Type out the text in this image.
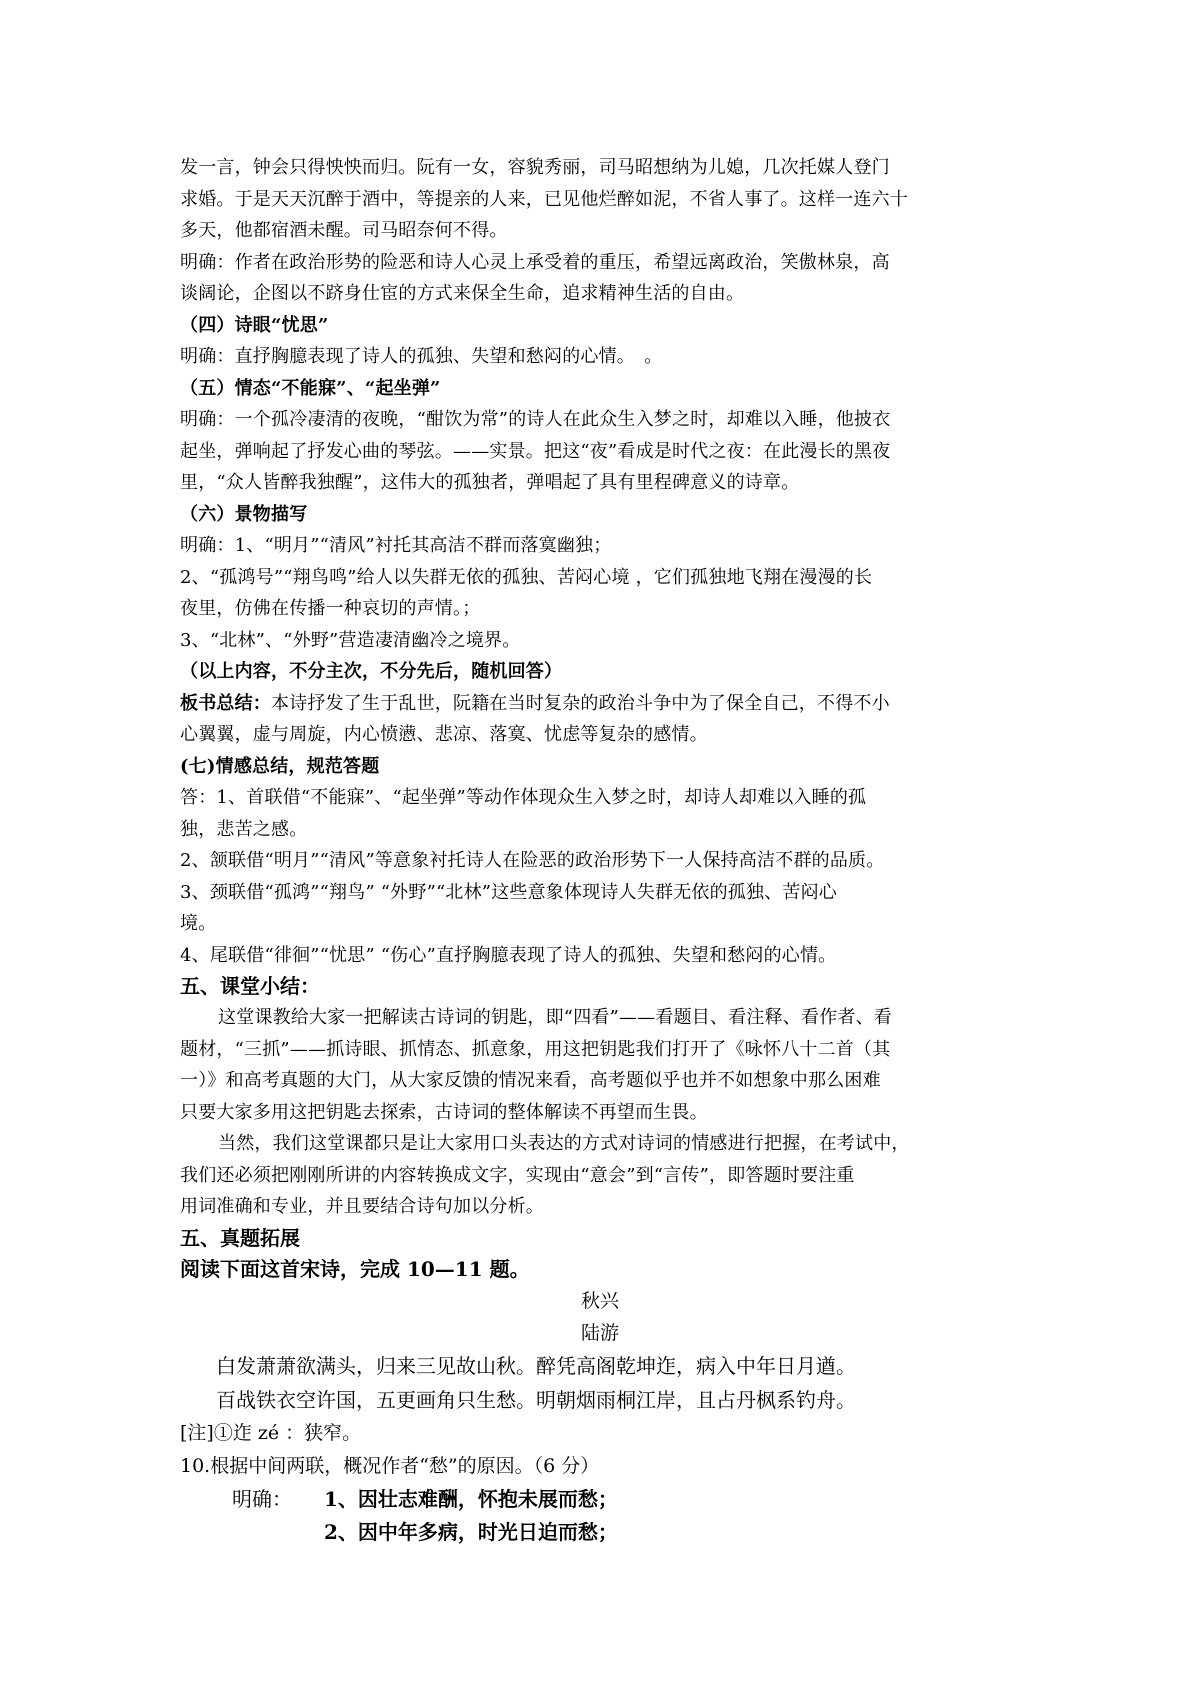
发一言，钟会只得怏怏而归。阮有一女，容貌秀丽，司马昭想纳为儿媳，几次托媒人登门
求婚。于是天天沉醉于酒中，等提亲的人来，已见他烂醉如泥，不省人事了。这样一连六十
多天，他都宿酒未醒。司马昭奈何不得。
明确：作者在政治形势的险恶和诗人心灵上承受着的重压，希望远离政治，笑傲林泉，高
谈阔论，企图以不跻身仕宦的方式来保全生命，追求精神生活的自由。
（四）诗眼“忧思”
明确：直抒胸臆表现了诗人的孤独、失望和愁闷的心情。　。
（五）情态“不能寐”、“起坐弹”
明确：一个孤冷凄清的夜晚，“酣饮为常”的诗人在此众生入梦之时，却难以入睡，他披衣
起坐，弹响起了抒发心曲的琴弦。——实景。把这“夜”看成是时代之夜：在此漫长的黑夜
里，“众人皆醉我独醒”，这伟大的孤独者，弹唱起了具有里程碑意义的诗章。
（六）景物描写
明确：1、“明月”“清风”衬托其高洁不群而落寞幽独；
2、“孤鸿号”“翔鸟鸣”给人以失群无依的孤独、苦闷心境 ，它们孤独地飞翔在漫漫的长
夜里，仿佛在传播一种哀切的声情。；
3、“北林”、“外野”营造凄清幽冷之境界。
（以上内容，不分主次，不分先后，随机回答）
板书总结：本诗抒发了生于乱世，阮籍在当时复杂的政治斗争中为了保全自己，不得不小
心翼翼，虚与周旋，内心愤懑、悲凉、落寞、忧虑等复杂的感情。
(七)情感总结，规范答题
答：1、首联借“不能寐”、“起坐弹”等动作体现众生入梦之时，却诗人却难以入睡的孤
独，悲苦之感。
2、颔联借“明月”“清风”等意象衬托诗人在险恶的政治形势下一人保持高洁不群的品质。
3、颈联借“孤鸿”“翔鸟” “外野”“北林”这些意象体现诗人失群无依的孤独、苦闷心
境。
4、尾联借“徘徊”“忧思” “伤心”直抒胸臆表现了诗人的孤独、失望和愁闷的心情。
五、课堂小结：
这堂课教给大家一把解读古诗词的钥匙，即“四看”——看题目、看注释、看作者、看
题材，“三抓”——抓诗眼、抓情态、抓意象，用这把钥匙我们打开了《咏怀八十二首（其
一）》和高考真题的大门，从大家反馈的情况来看，高考题似乎也并不如想象中那么困难
只要大家多用这把钥匙去探索，古诗词的整体解读不再望而生畏。
当然，我们这堂课都只是让大家用口头表达的方式对诗词的情感进行把握，在考试中，
我们还必须把刚刚所讲的内容转换成文字，实现由“意会”到“言传”，即答题时要注重
用词准确和专业，并且要结合诗句加以分析。
五、真题拓展
阅读下面这首宋诗，完成 10—11 题。
秋兴
陆游
白发萧萧欲满头，归来三见故山秋。醉凭高阁乾坤迮，病入中年日月遒。
百战铁衣空许国，五更画角只生愁。明朝烟雨桐江岸，且占丹枫系钓舟。
[注]①迮 zé ：狭窄。
10.根据中间两联，概况作者“愁”的原因。（6 分）
明确： 1、因壮志难酬，怀抱未展而愁；
2、因中年多病，时光日迫而愁；
